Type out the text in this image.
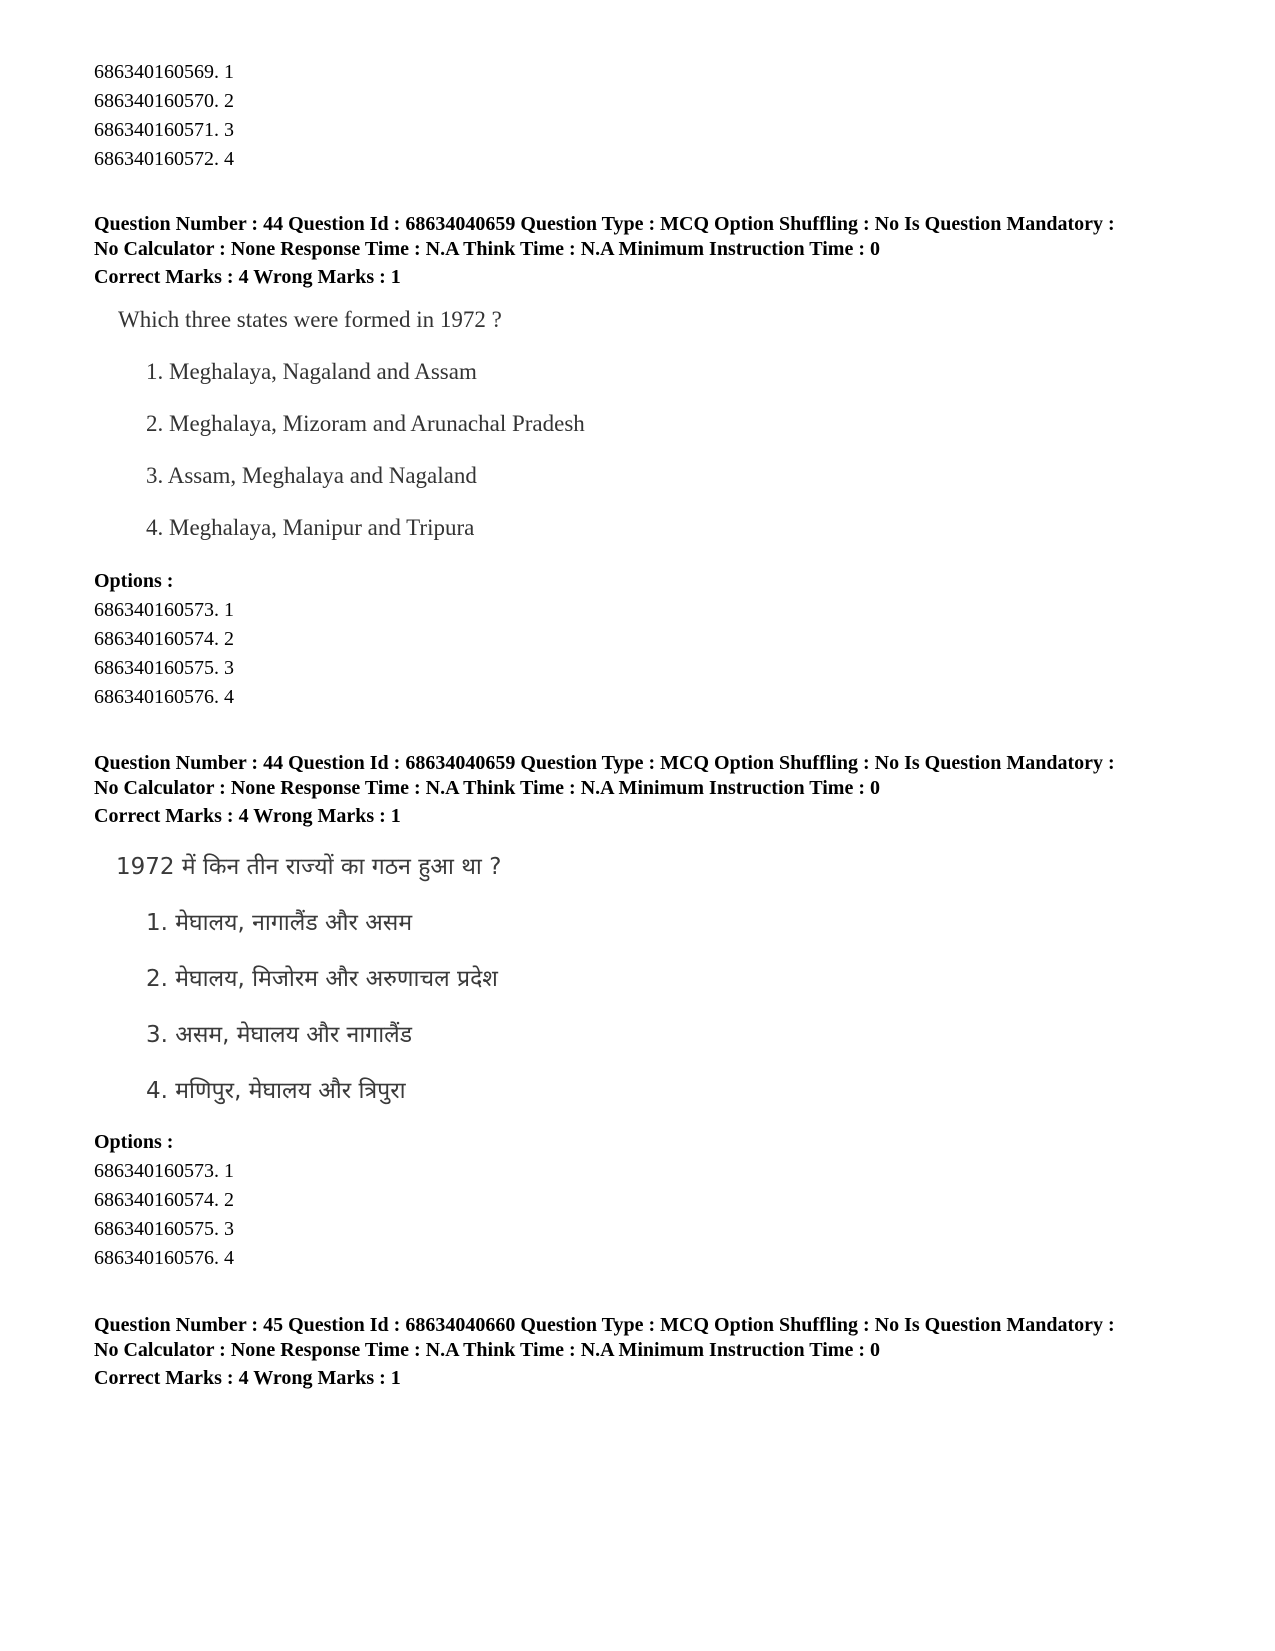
686340160569. 1
686340160570. 2
686340160571. 3
686340160572. 4
Question Number : 44 Question Id : 68634040659 Question Type : MCQ Option Shuffling : No Is Question Mandatory :
No Calculator : None Response Time : N.A Think Time : N.A Minimum Instruction Time : 0
Correct Marks : 4 Wrong Marks : 1
Which three states were formed in 1972 ?
1. Meghalaya, Nagaland and Assam
2. Meghalaya, Mizoram and Arunachal Pradesh
3. Assam, Meghalaya and Nagaland
4. Meghalaya, Manipur and Tripura
Options :
686340160573. 1
686340160574. 2
686340160575. 3
686340160576. 4
Question Number : 44 Question Id : 68634040659 Question Type : MCQ Option Shuffling : No Is Question Mandatory :
No Calculator : None Response Time : N.A Think Time : N.A Minimum Instruction Time : 0
Correct Marks : 4 Wrong Marks : 1
1972 में किन तीन राज्यों का गठन हुआ था ?
1. मेघालय, नागालैंड और असम
2. मेघालय, मिजोरम और अरुणाचल प्रदेश
3. असम, मेघालय और नागालैंड
4. मणिपुर, मेघालय और त्रिपुरा
Options :
686340160573. 1
686340160574. 2
686340160575. 3
686340160576. 4
Question Number : 45 Question Id : 68634040660 Question Type : MCQ Option Shuffling : No Is Question Mandatory :
No Calculator : None Response Time : N.A Think Time : N.A Minimum Instruction Time : 0
Correct Marks : 4 Wrong Marks : 1
